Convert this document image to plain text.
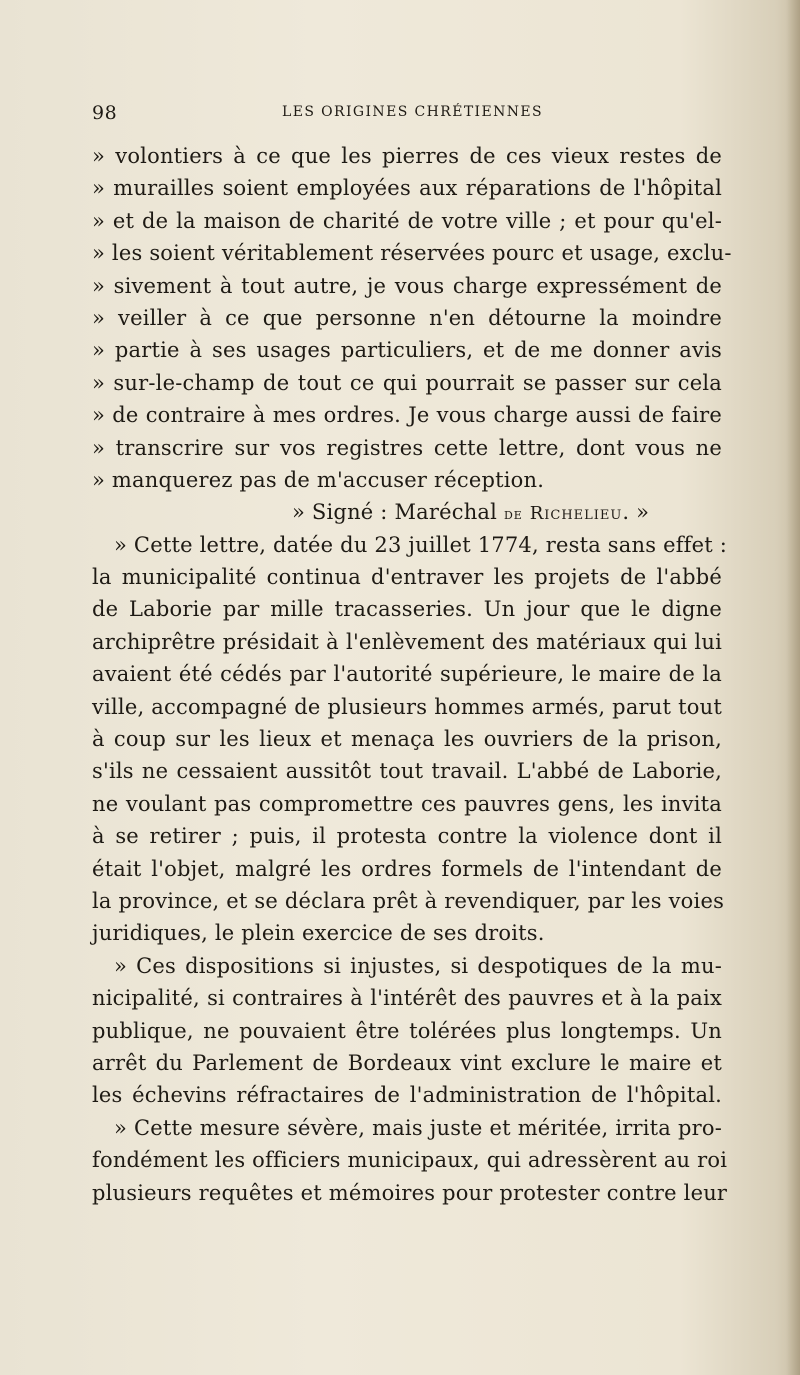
98	LES ORIGINES CHRÉTIENNES
» volontiers à ce que les pierres de ces vieux restes de
» murailles soient employées aux réparations de l'hôpital
» et de la maison de charité de votre ville ; et pour qu'el-
» les soient véritablement réservées pourc et usage, exclu-
» sivement à tout autre, je vous charge expressément de
» veiller à ce que personne n'en détourne la moindre
» partie à ses usages particuliers, et de me donner avis
» sur-le-champ de tout ce qui pourrait se passer sur cela
» de contraire à mes ordres. Je vous charge aussi de faire
» transcrire sur vos registres cette lettre, dont vous ne
» manquerez pas de m'accuser réception.
» Signé : Maréchal de Richelieu. »
» Cette lettre, datée du 23 juillet 1774, resta sans effet :
la municipalité continua d'entraver les projets de l'abbé
de Laborie par mille tracasseries. Un jour que le digne
archiprêtre présidait à l'enlèvement des matériaux qui lui
avaient été cédés par l'autorité supérieure, le maire de la
ville, accompagné de plusieurs hommes armés, parut tout
à coup sur les lieux et menaça les ouvriers de la prison,
s'ils ne cessaient aussitôt tout travail. L'abbé de Laborie,
ne voulant pas compromettre ces pauvres gens, les invita
à se retirer ; puis, il protesta contre la violence dont il
était l'objet, malgré les ordres formels de l'intendant de
la province, et se déclara prêt à revendiquer, par les voies
juridiques, le plein exercice de ses droits.
» Ces dispositions si injustes, si despotiques de la mu-
nicipalité, si contraires à l'intérêt des pauvres et à la paix
publique, ne pouvaient être tolérées plus longtemps. Un
arrêt du Parlement de Bordeaux vint exclure le maire et
les échevins réfractaires de l'administration de l'hôpital.
» Cette mesure sévère, mais juste et méritée, irrita pro-
fondément les officiers municipaux, qui adressèrent au roi
plusieurs requêtes et mémoires pour protester contre leur
